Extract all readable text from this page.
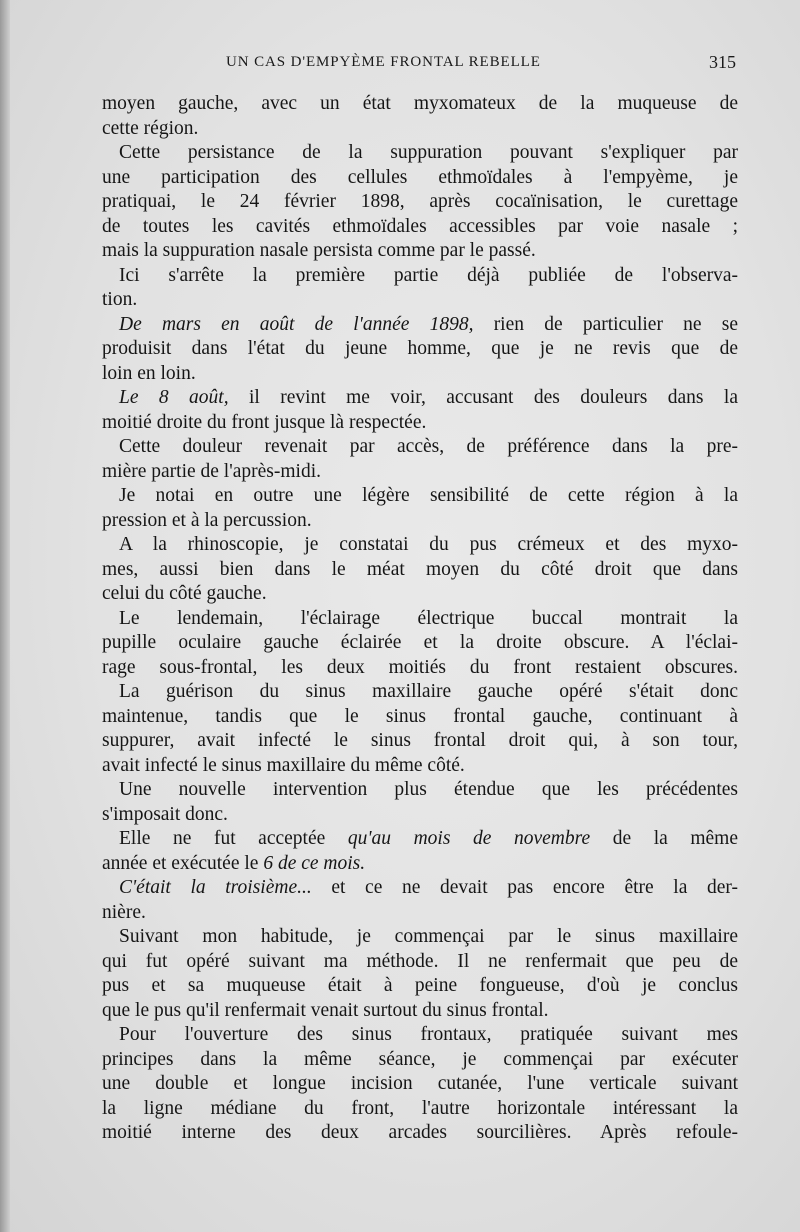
UN CAS D'EMPYÈME FRONTAL REBELLE	315
moyen gauche, avec un état myxomateux de la muqueuse de
cette région.
Cette persistance de la suppuration pouvant s'expliquer par
une participation des cellules ethmoïdales à l'empyème, je
pratiquai, le 24 février 1898, après cocaïnisation, le curettage
de toutes les cavités ethmoïdales accessibles par voie nasale ;
mais la suppuration nasale persista comme par le passé.
Ici s'arrête la première partie déjà publiée de l'observa-
tion.
De mars en août de l'année 1898, rien de particulier ne se
produisit dans l'état du jeune homme, que je ne revis que de
loin en loin.
Le 8 août, il revint me voir, accusant des douleurs dans la
moitié droite du front jusque là respectée.
Cette douleur revenait par accès, de préférence dans la pre-
mière partie de l'après-midi.
Je notai en outre une légère sensibilité de cette région à la
pression et à la percussion.
A la rhinoscopie, je constatai du pus crémeux et des myxo-
mes, aussi bien dans le méat moyen du côté droit que dans
celui du côté gauche.
Le lendemain, l'éclairage électrique buccal montrait la
pupille oculaire gauche éclairée et la droite obscure. A l'éclai-
rage sous-frontal, les deux moitiés du front restaient obscures.
La guérison du sinus maxillaire gauche opéré s'était donc
maintenue, tandis que le sinus frontal gauche, continuant à
suppurer, avait infecté le sinus frontal droit qui, à son tour,
avait infecté le sinus maxillaire du même côté.
Une nouvelle intervention plus étendue que les précédentes
s'imposait donc.
Elle ne fut acceptée qu'au mois de novembre de la même
année et exécutée le 6 de ce mois.
C'était la troisième... et ce ne devait pas encore être la der-
nière.
Suivant mon habitude, je commençai par le sinus maxillaire
qui fut opéré suivant ma méthode. Il ne renfermait que peu de
pus et sa muqueuse était à peine fongueuse, d'où je conclus
que le pus qu'il renfermait venait surtout du sinus frontal.
Pour l'ouverture des sinus frontaux, pratiquée suivant mes
principes dans la même séance, je commençai par exécuter
une double et longue incision cutanée, l'une verticale suivant
la ligne médiane du front, l'autre horizontale intéressant la
moitié interne des deux arcades sourcilières. Après refoule-
